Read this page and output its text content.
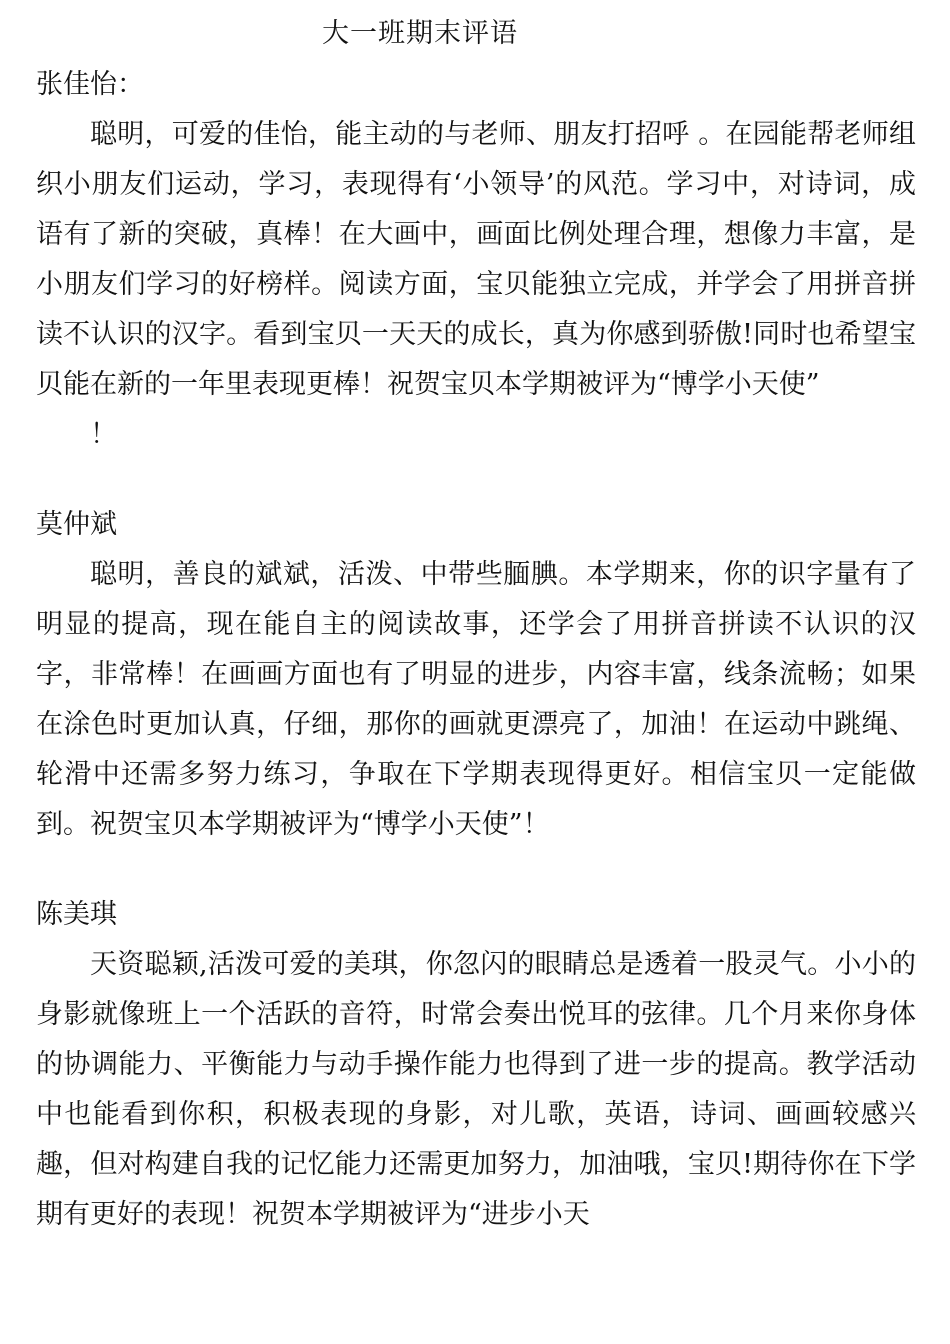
大一班期末评语

张佳怡：

聪明，可爱的佳怡，能主动的与老师、朋友打招呼 。在园能帮老师组织小朋友们运动，学习，表现得有‘小领导’的风范。学习中，对诗词，成语有了新的突破，真棒！在大画中，画面比例处理合理，想像力丰富，是小朋友们学习的好榜样。阅读方面，宝贝能独立完成，并学会了用拼音拼读不认识的汉字。看到宝贝一天天的成长，真为你感到骄傲!同时也希望宝贝能在新的一年里表现更棒！祝贺宝贝本学期被评为“博学小天使”

！

莫仲斌

聪明，善良的斌斌，活泼、中带些腼腆。本学期来，你的识字量有了明显的提高，现在能自主的阅读故事，还学会了用拼音拼读不认识的汉字，非常棒！在画画方面也有了明显的进步，内容丰富，线条流畅；如果在涂色时更加认真，仔细，那你的画就更漂亮了，加油！在运动中跳绳、轮滑中还需多努力练习，争取在下学期表现得更好。相信宝贝一定能做到。祝贺宝贝本学期被评为“博学小天使”！

陈美琪

天资聪颖,活泼可爱的美琪，你忽闪的眼睛总是透着一股灵气。小小的身影就像班上一个活跃的音符，时常会奏出悦耳的弦律。几个月来你身体的协调能力、平衡能力与动手操作能力也得到了进一步的提高。教学活动中也能看到你积，积极表现的身影，对儿歌，英语，诗词、画画较感兴趣，但对构建自我的记忆能力还需更加努力，加油哦，宝贝!期待你在下学期有更好的表现！祝贺本学期被评为“进步小天
